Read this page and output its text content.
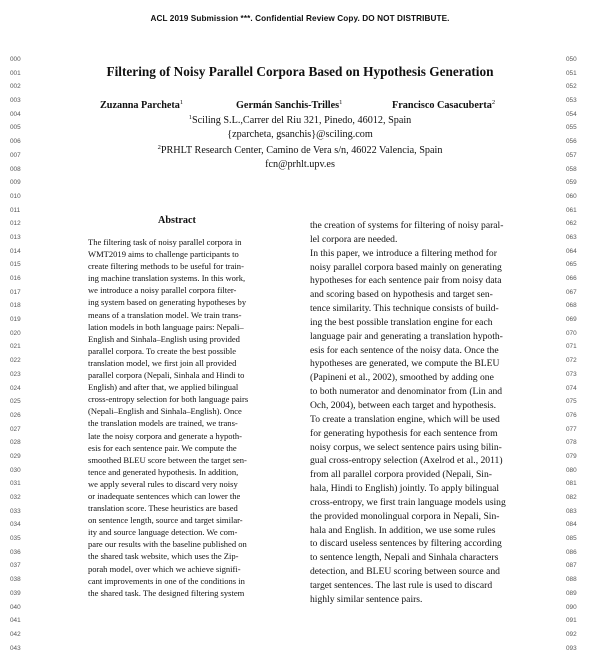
ACL 2019 Submission ***. Confidential Review Copy. DO NOT DISTRIBUTE.
000
001
002
003
004
005
006
007
008
009
010
011
012
013
014
015
016
017
018
019
020
021
022
023
024
025
026
027
028
029
030
031
032
033
034
035
036
037
038
039
040
041
042
043
050
051
052
053
054
055
056
057
058
059
060
061
062
063
064
065
066
067
068
069
070
071
072
073
074
075
076
077
078
079
080
081
082
083
084
085
086
087
088
089
090
091
092
093
Filtering of Noisy Parallel Corpora Based on Hypothesis Generation
Zuzanna Parcheta$^1$	Germán Sanchis-Trilles$^1$	Francisco Casacuberta$^2$
$^1$Sciling S.L.,Carrer del Riu 321, Pinedo, 46012, Spain
{zparcheta, gsanchis}@sciling.com
$^2$PRHLT Research Center, Camino de Vera s/n, 46022 Valencia, Spain
fcn@prhlt.upv.es
Abstract
The filtering task of noisy parallel corpora in
WMT2019 aims to challenge participants to
create filtering methods to be useful for train-
ing machine translation systems. In this work,
we introduce a noisy parallel corpora filter-
ing system based on generating hypotheses by
means of a translation model. We train trans-
lation models in both language pairs: Nepali–
English and Sinhala–English using provided
parallel corpora. To create the best possible
translation model, we first join all provided
parallel corpora (Nepali, Sinhala and Hindi to
English) and after that, we applied bilingual
cross-entropy selection for both language pairs
(Nepali–English and Sinhala–English). Once
the translation models are trained, we trans-
late the noisy corpora and generate a hypoth-
esis for each sentence pair. We compute the
smoothed BLEU score between the target sen-
tence and generated hypothesis. In addition,
we apply several rules to discard very noisy
or inadequate sentences which can lower the
translation score. These heuristics are based
on sentence length, source and target similar-
ity and source language detection. We com-
pare our results with the baseline published on
the shared task website, which uses the Zip-
porah model, over which we achieve signifi-
cant improvements in one of the conditions in
the shared task. The designed filtering system
the creation of systems for filtering of noisy paral-
lel corpora are needed.
In this paper, we introduce a filtering method for
noisy parallel corpora based mainly on generating
hypotheses for each sentence pair from noisy data
and scoring based on hypothesis and target sen-
tence similarity. This technique consists of build-
ing the best possible translation engine for each
language pair and generating a translation hypoth-
esis for each sentence of the noisy data. Once the
hypotheses are generated, we compute the BLEU
(Papineni et al., 2002), smoothed by adding one
to both numerator and denominator from (Lin and
Och, 2004), between each target and hypothesis.
To create a translation engine, which will be used
for generating hypothesis for each sentence from
noisy corpus, we select sentence pairs using bilin-
gual cross-entropy selection (Axelrod et al., 2011)
from all parallel corpora provided (Nepali, Sin-
hala, Hindi to English) jointly. To apply bilingual
cross-entropy, we first train language models using
the provided monolingual corpora in Nepali, Sin-
hala and English. In addition, we use some rules
to discard useless sentences by filtering according
to sentence length, Nepali and Sinhala characters
detection, and BLEU scoring between source and
target sentences. The last rule is used to discard
highly similar sentence pairs.
